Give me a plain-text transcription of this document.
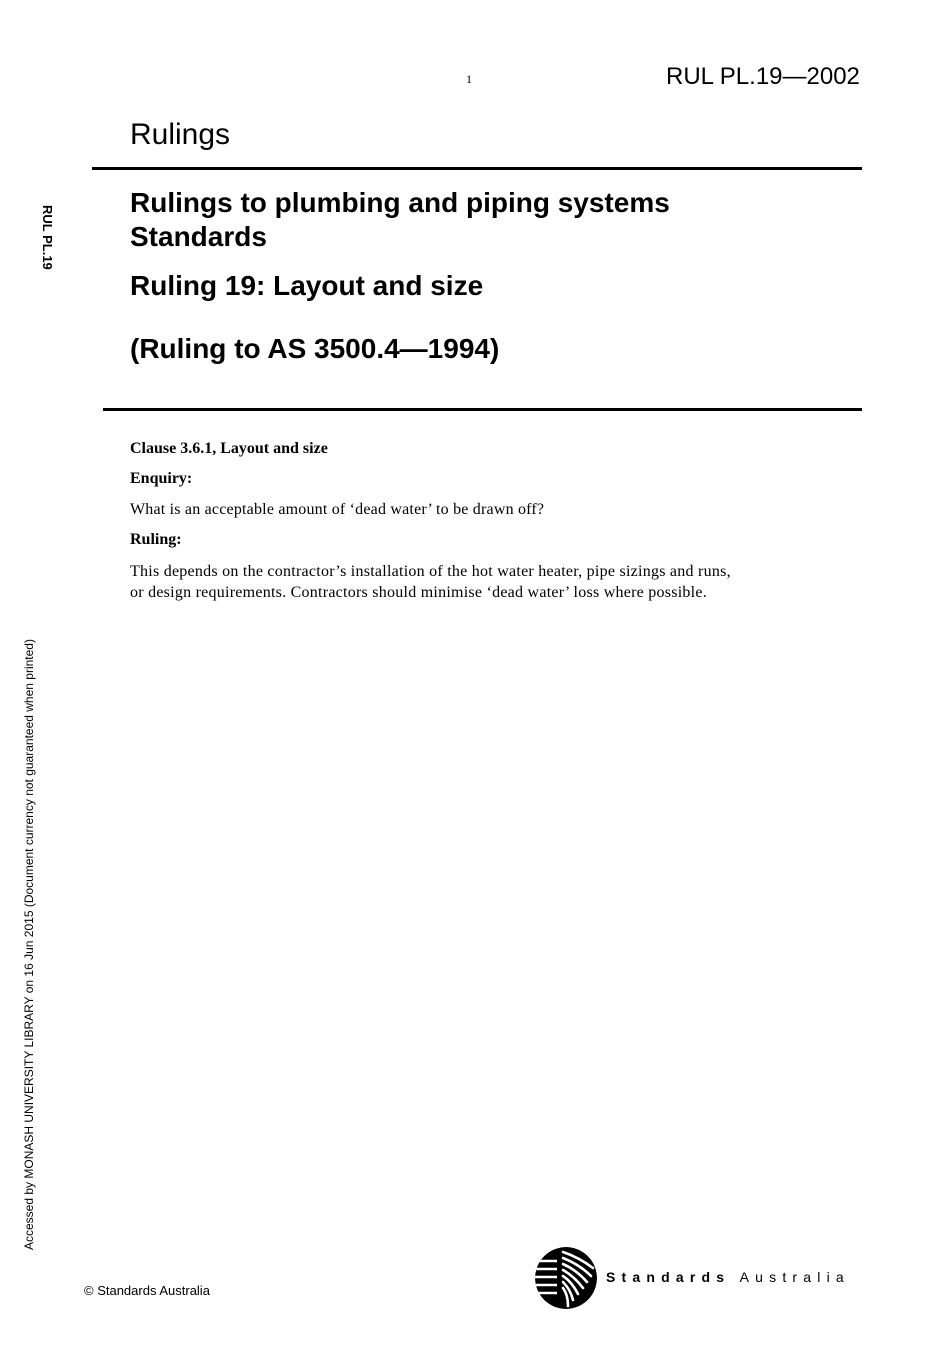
1	RUL PL.19—2002
Rulings
Rulings to plumbing and piping systems
Standards
Ruling 19: Layout and size
(Ruling to AS 3500.4—1994)
RUL PL.19
Accessed by MONASH UNIVERSITY LIBRARY on 16 Jun 2015 (Document currency not guaranteed when printed)
Clause 3.6.1, Layout and size
Enquiry:
What is an acceptable amount of ‘dead water’ to be drawn off?
Ruling:
This depends on the contractor’s installation of the hot water heater, pipe sizings and runs,
or design requirements. Contractors should minimise ‘dead water’ loss where possible.
© Standards Australia
Standards Australia
